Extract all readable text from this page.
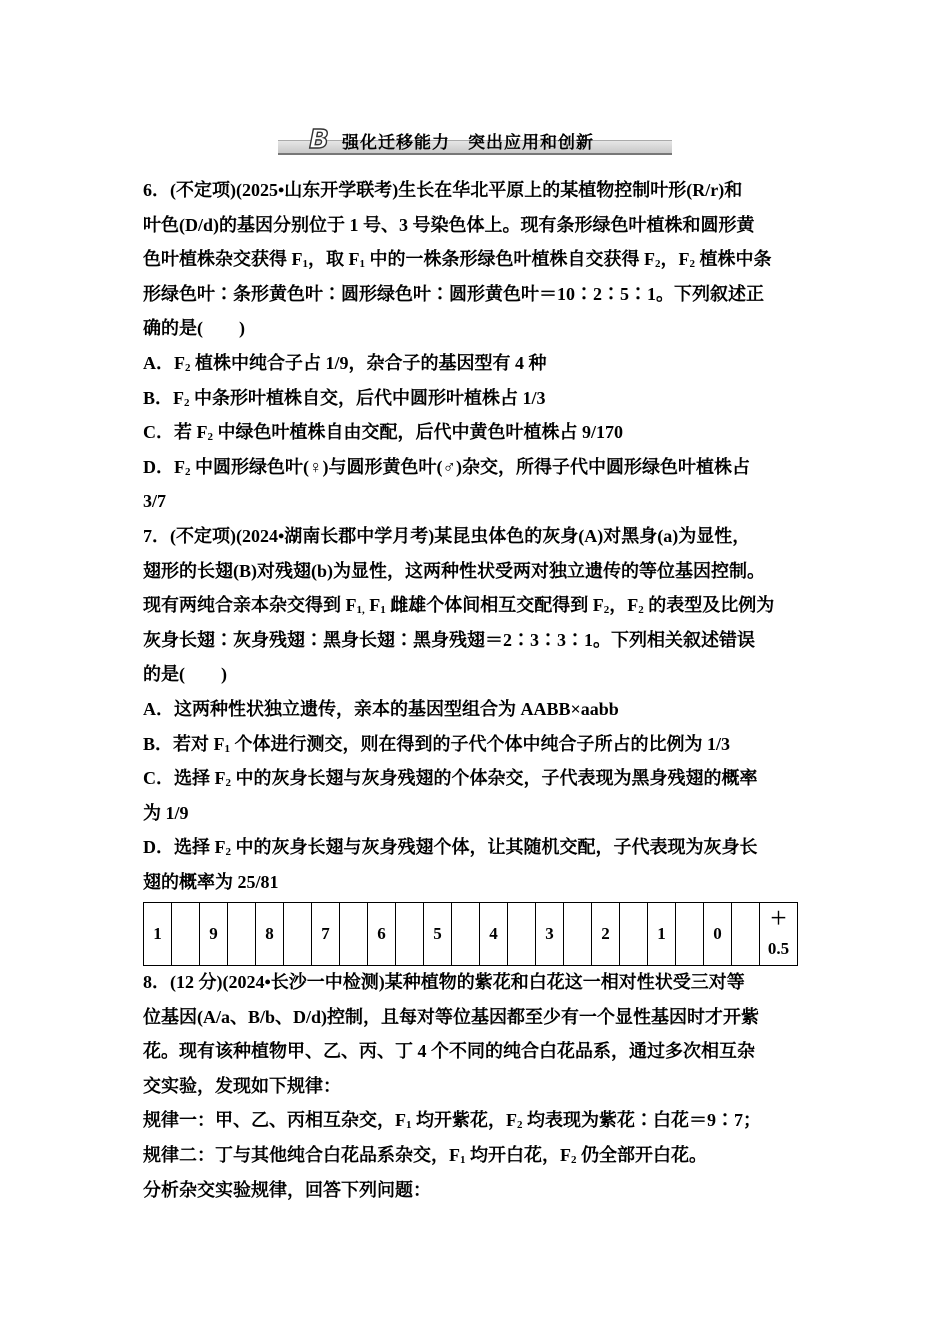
B 强化迁移能力　突出应用和创新
6．(不定项)(2025•山东开学联考)生长在华北平原上的某植物控制叶形(R/r)和
叶色(D/d)的基因分别位于 1 号、3 号染色体上。现有条形绿色叶植株和圆形黄
色叶植株杂交获得 $F_1$，取 $F_1$ 中的一株条形绿色叶植株自交获得 $F_2$，$F_2$ 植株中条
形绿色叶∶条形黄色叶∶圆形绿色叶∶圆形黄色叶＝10∶2∶5∶1。下列叙述正
确的是(　　)
A．$F_2$ 植株中纯合子占 1/9，杂合子的基因型有 4 种
B．$F_2$ 中条形叶植株自交，后代中圆形叶植株占 1/3
C．若 $F_2$ 中绿色叶植株自由交配，后代中黄色叶植株占 9/170
D．$F_2$ 中圆形绿色叶(♀)与圆形黄色叶(♂)杂交，所得子代中圆形绿色叶植株占
3/7
7．(不定项)(2024•湖南长郡中学月考)某昆虫体色的灰身(A)对黑身(a)为显性，
翅形的长翅(B)对残翅(b)为显性，这两种性状受两对独立遗传的等位基因控制。
现有两纯合亲本杂交得到 $F_{1,}$ $F_1$ 雌雄个体间相互交配得到 $F_2$，$F_2$ 的表型及比例为
灰身长翅∶灰身残翅∶黑身长翅∶黑身残翅＝2∶3∶3∶1。下列相关叙述错误
的是(　　)
A．这两种性状独立遗传，亲本的基因型组合为 AABB×aabb
B．若对 $F_1$ 个体进行测交，则在得到的子代个体中纯合子所占的比例为 1/3
C．选择 $F_2$ 中的灰身长翅与灰身残翅的个体杂交，子代表现为黑身残翅的概率
为 1/9
D．选择 $F_2$ 中的灰身长翅与灰身残翅个体，让其随机交配，子代表现为灰身长
翅的概率为 25/81
1		9		8		7		6		5		4		3		2		1		0		＋
0.5
8．(12 分)(2024•长沙一中检测)某种植物的紫花和白花这一相对性状受三对等
位基因(A/a、B/b、D/d)控制，且每对等位基因都至少有一个显性基因时才开紫
花。现有该种植物甲、乙、丙、丁 4 个不同的纯合白花品系，通过多次相互杂
交实验，发现如下规律：
规律一：甲、乙、丙相互杂交，$F_1$ 均开紫花，$F_2$ 均表现为紫花∶白花＝9∶7；
规律二：丁与其他纯合白花品系杂交，$F_1$ 均开白花，$F_2$ 仍全部开白花。
分析杂交实验规律，回答下列问题：
